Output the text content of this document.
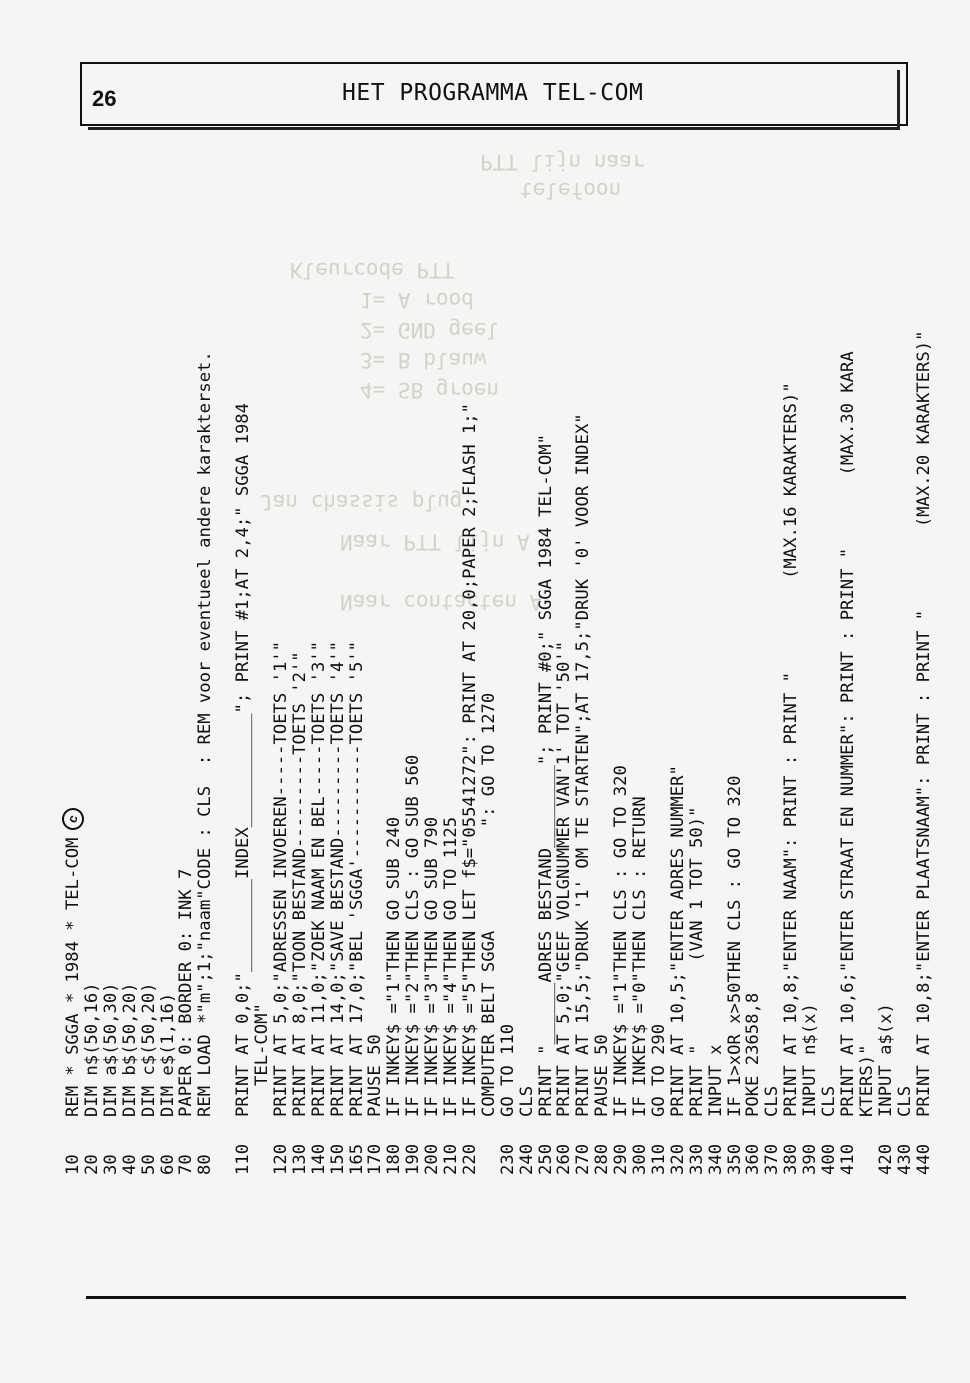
PTT lijn naar
telefoon
Kleurcode PTT
1= A rood
2= GND geel
3= B blauw
4= SB groen
Jan chassis plug
Naar PTT lijn A
Naar contacten A
26	HET PROGRAMMA TEL-COM
10REM * SGGA * 1984 * TEL-COMc
20DIM n$(50,16)
30DIM a$(50,30)
40DIM b$(50,20)
50DIM c$(50,20)
60DIM e$(1,16)
70PAPER 0: BORDER 0: INK 7
80REM LOAD *"m";1;"naam"CODE : CLS  : REM voor eventueel andere karakterset.
110PRINT AT 0,0;"_________INDEX___________"; PRINT #1;AT 2,4;" SGGA 1984
TEL-COM"
120PRINT AT 5,0;"ADRESSEN INVOEREN-----TOETS '1'"
130PRINT AT 8,0;"TOON BESTAND---------TOETS '2'"
140PRINT AT 11,0;"ZOEK NAAM EN BEL-----TOETS '3'"
150PRINT AT 14,0;"SAVE BESTAND---------TOETS '4'"
165PRINT AT 17,0;"BEL 'SGGA'-----------TOETS '5'"
170PAUSE 50
180IF INKEY$ ="1"THEN GO SUB 240
190IF INKEY$ ="2"THEN CLS : GO SUB 560
200IF INKEY$ ="3"THEN GO SUB 790
210IF INKEY$ ="4"THEN GO TO 1125
220IF INKEY$ ="5"THEN LET f$="05541272": PRINT AT 20,0;PAPER 2;FLASH 1;"
COMPUTER BELT SGGA          ": GO TO 1270
230GO TO 110
240CLS
250PRINT "______ADRES BESTAND________"; PRINT #0;" SGGA 1984 TEL-COM"
260PRINT AT 5,0;"GEEF VOLGNUMMER VAN'1' TOT '50'"
270PRINT AT 15,5;"DRUK '1' OM TE STARTEN";AT 17,5;"DRUK '0' VOOR INDEX"
280PAUSE 50
290IF INKEY$ ="1"THEN CLS : GO TO 320
300IF INKEY$ ="0"THEN CLS : RETURN
310GO TO 290
320PRINT AT 10,5;"ENTER ADRES NUMMER"
330PRINT "        (VAN 1 TOT 50)"
340INPUT x
350IF 1>xOR x>50THEN CLS : GO TO 320
360POKE 23658,8
370CLS
380PRINT AT 10,8;"ENTER NAAM": PRINT : PRINT "         (MAX.16 KARAKTERS)"
390INPUT n$(x)
400CLS
410PRINT AT 10,6;"ENTER STRAAT EN NUMMER": PRINT : PRINT "       (MAX.30 KARA
KTERS)"
420INPUT a$(x)
430CLS
440PRINT AT 10,8;"ENTER PLAATSNAAM": PRINT : PRINT "        (MAX.20 KARAKTERS)"
